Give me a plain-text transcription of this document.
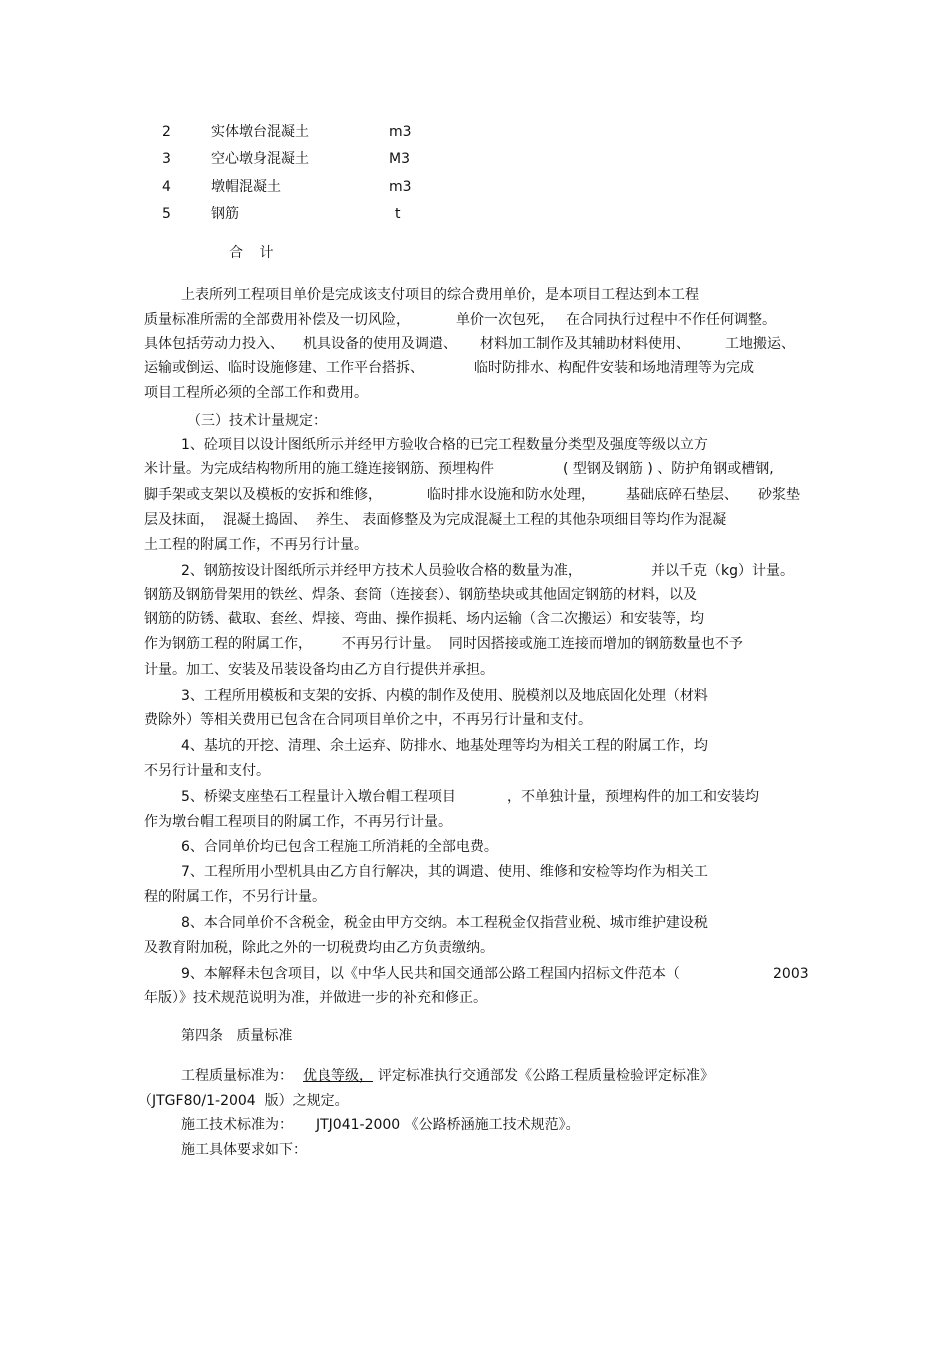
2	实体墩台混凝土	m3
3	空心墩身混凝土	M3
4	墩帽混凝土	m3
5	钢筋	t
合 计
上表所列工程项目单价是完成该支付项目的综合费用单价，是本项目工程达到本工程
质量标准所需的全部费用补偿及一切风险，	单价一次包死， 在合同执行过程中不作任何调整。
具体包括劳动力投入、 机具设备的使用及调遣、 材料加工制作及其辅助材料使用、	工地搬运、
运输或倒运、临时设施修建、工作平台搭拆、	临时防排水、构配件安装和场地清理等为完成
项目工程所必须的全部工作和费用。
（三）技术计量规定：
1、砼项目以设计图纸所示并经甲方验收合格的已完工程数量分类型及强度等级以立方
米计量。为完成结构物所用的施工缝连接钢筋、预埋构件	( 型钢及钢筋 ) 、防护角钢或槽钢,
脚手架或支架以及模板的安拆和维修，	临时排水设施和防水处理， 基础底碎石垫层、 砂浆垫
层及抹面，  混凝土捣固、  养生、 表面修整及为完成混凝土工程的其他杂项细目等均作为混凝
土工程的附属工作，不再另行计量。
2、钢筋按设计图纸所示并经甲方技术人员验收合格的数量为准，	并以千克（kg）计量。
钢筋及钢筋骨架用的铁丝、焊条、套筒（连接套）、钢筋垫块或其他固定钢筋的材料，以及
钢筋的防锈、截取、套丝、焊接、弯曲、操作损耗、场内运输（含二次搬运）和安装等，均
作为钢筋工程的附属工作， 不再另行计量。  同时因搭接或施工连接而增加的钢筋数量也不予
计量。加工、安装及吊装设备均由乙方自行提供并承担。
3、工程所用模板和支架的安拆、内模的制作及使用、脱模剂以及地底固化处理（材料
费除外）等相关费用已包含在合同项目单价之中，不再另行计量和支付。
4、基坑的开挖、清理、余土运弃、防排水、地基处理等均为相关工程的附属工作，均
不另行计量和支付。
5、桥梁支座垫石工程量计入墩台帽工程项目	，不单独计量，预埋构件的加工和安装均
作为墩台帽工程项目的附属工作，不再另行计量。
6、合同单价均已包含工程施工所消耗的全部电费。
7、工程所用小型机具由乙方自行解决，其的调遣、使用、维修和安检等均作为相关工
程的附属工作，不另行计量。
8、本合同单价不含税金，税金由甲方交纳。本工程税金仅指营业税、城市维护建设税
及教育附加税，除此之外的一切税费均由乙方负责缴纳。
9、本解释未包含项目，以《中华人民共和国交通部公路工程国内招标文件范本（	2003
年版）》技术规范说明为准，并做进一步的补充和修正。
第四条   质量标准
工程质量标准为： 优良等级， 评定标准执行交通部发《公路工程质量检验评定标准》
（JTGF80/1-2004  版）之规定。
施工技术标准为： JTJ041-2000 《公路桥涵施工技术规范》。
施工具体要求如下：
